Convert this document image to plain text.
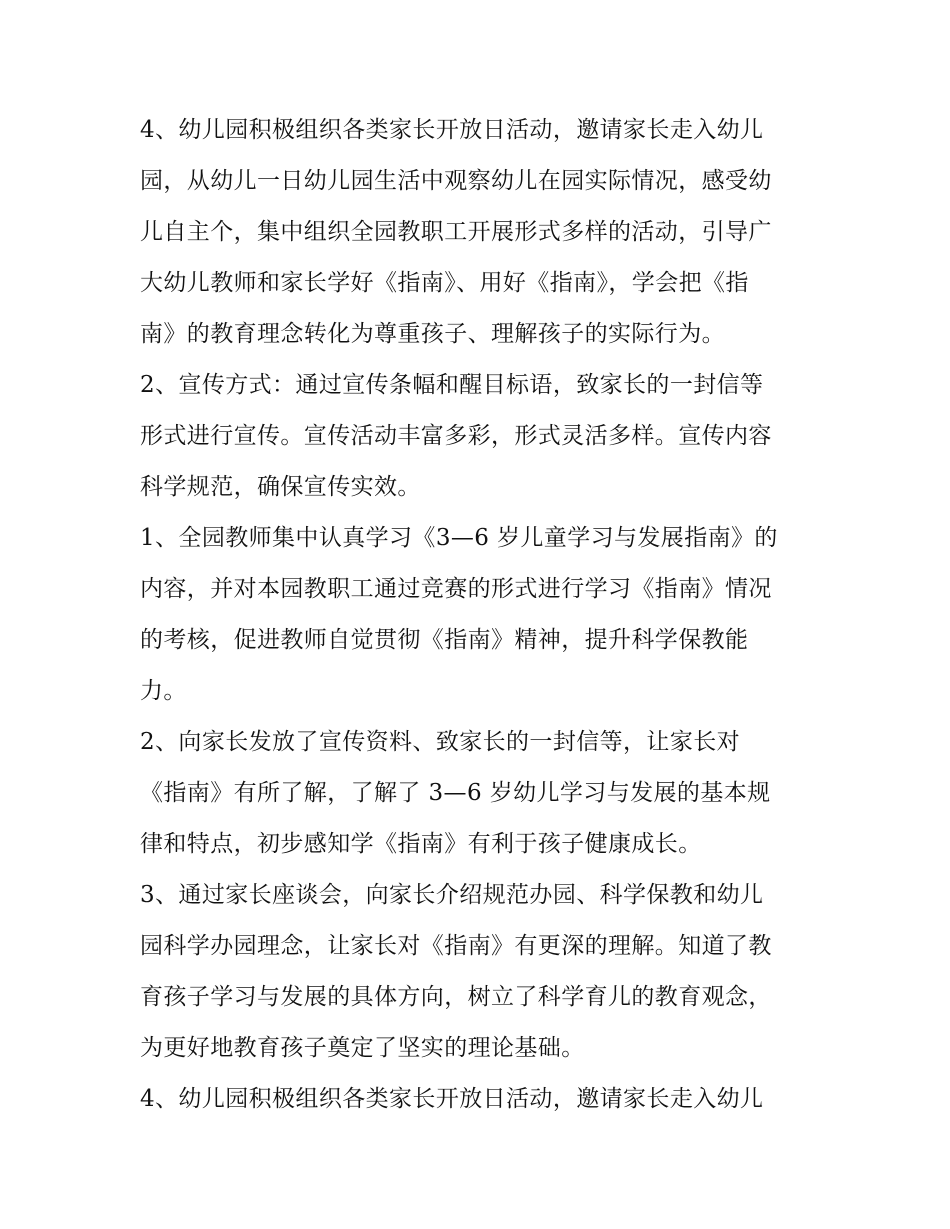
4、幼儿园积极组织各类家长开放日活动，邀请家长走入幼儿

园，从幼儿一日幼儿园生活中观察幼儿在园实际情况，感受幼

儿自主个，集中组织全园教职工开展形式多样的活动，引导广

大幼儿教师和家长学好《指南》、用好《指南》，学会把《指

南》的教育理念转化为尊重孩子、理解孩子的实际行为。

2、宣传方式：通过宣传条幅和醒目标语，致家长的一封信等

形式进行宣传。宣传活动丰富多彩，形式灵活多样。宣传内容

科学规范，确保宣传实效。

1、全园教师集中认真学习《3—6 岁儿童学习与发展指南》的

内容，并对本园教职工通过竞赛的形式进行学习《指南》情况

的考核，促进教师自觉贯彻《指南》精神，提升科学保教能

力。

2、向家长发放了宣传资料、致家长的一封信等，让家长对

《指南》有所了解，了解了 3—6 岁幼儿学习与发展的基本规

律和特点，初步感知学《指南》有利于孩子健康成长。

3、通过家长座谈会，向家长介绍规范办园、科学保教和幼儿

园科学办园理念，让家长对《指南》有更深的理解。知道了教

育孩子学习与发展的具体方向，树立了科学育儿的教育观念，

为更好地教育孩子奠定了坚实的理论基础。

4、幼儿园积极组织各类家长开放日活动，邀请家长走入幼儿
